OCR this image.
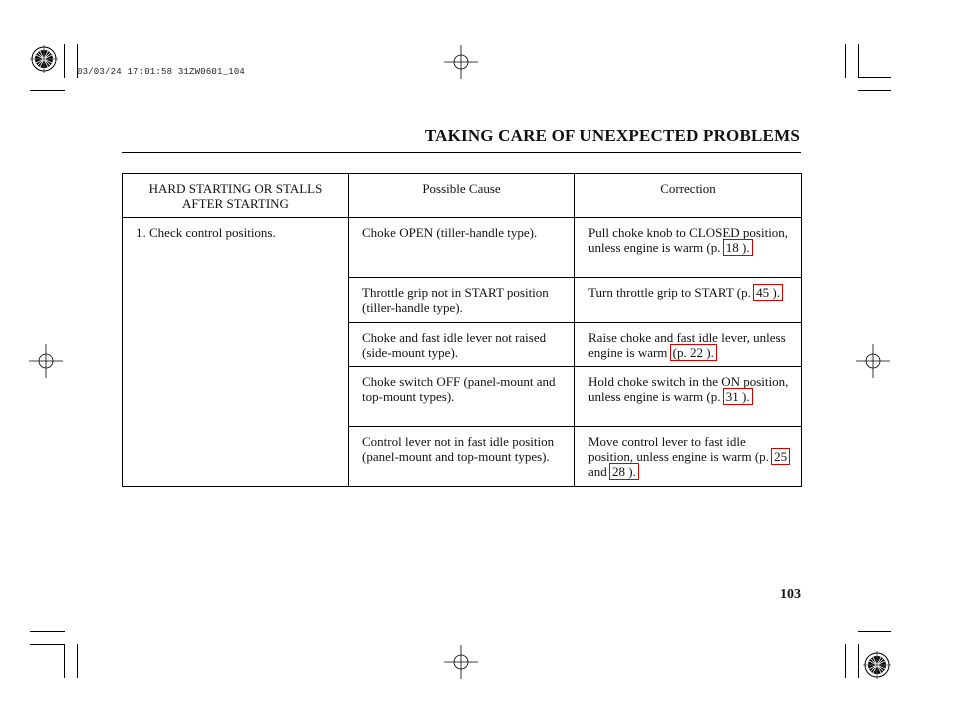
03/03/24 17:01:58 31ZW0601_104
TAKING CARE OF UNEXPECTED PROBLEMS
HARD STARTING OR STALLS AFTER STARTING	Possible Cause	Correction
1. Check control positions.	Choke OPEN (tiller-handle type).	Pull choke knob to CLOSED position, unless engine is warm (p. 18 ).
	Throttle grip not in START position (tiller-handle type).	Turn throttle grip to START (p. 45 ).
	Choke and fast idle lever not raised (side-mount type).	Raise choke and fast idle lever, unless engine is warm (p. 22 ).
	Choke switch OFF (panel-mount and top-mount types).	Hold choke switch in the ON position, unless engine is warm (p. 31 ).
	Control lever not in fast idle position (panel-mount and top-mount types).	Move control lever to fast idle position, unless engine is warm (p. 25 and 28 ).
103
